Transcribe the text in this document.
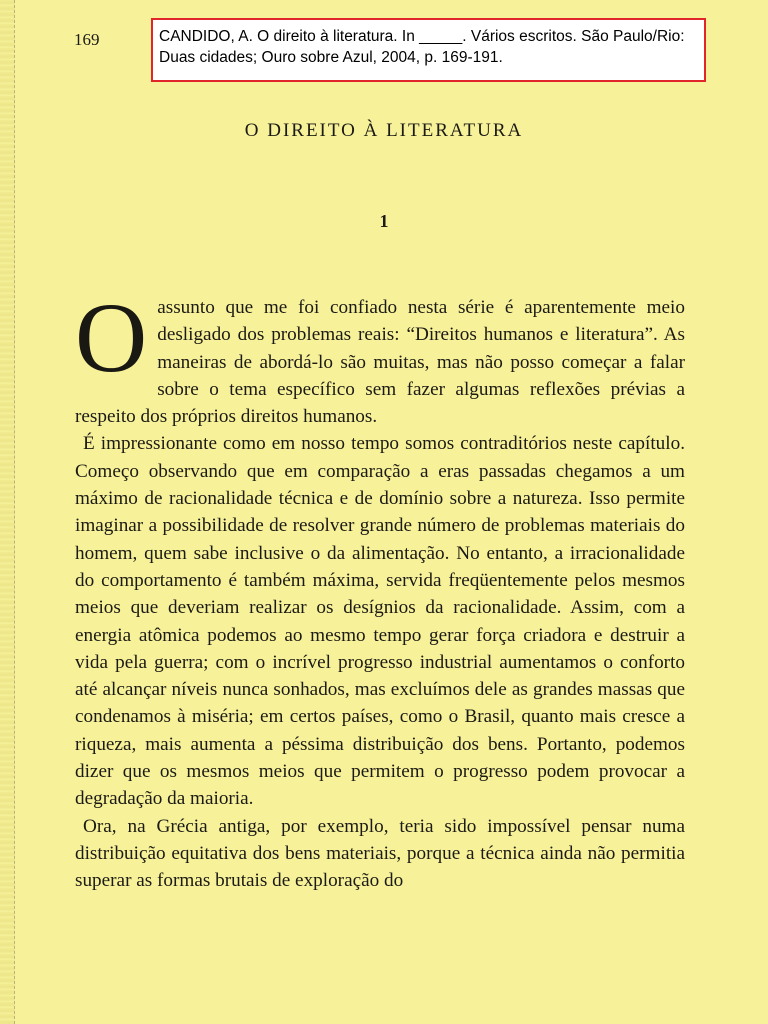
169	CANDIDO, A. O direito à literatura. In _____. Vários escritos. São Paulo/Rio: Duas cidades; Ouro sobre Azul, 2004, p. 169-191.
O DIREITO À LITERATURA
1

O assunto que me foi confiado nesta série é aparentemente meio desligado dos problemas reais: “Direitos humanos e literatura”. As maneiras de abordá-lo são muitas, mas não posso começar a falar sobre o tema específico sem fazer algumas reflexões prévias a respeito dos próprios direitos humanos.

É impressionante como em nosso tempo somos contraditórios neste capítulo. Começo observando que em comparação a eras passadas chegamos a um máximo de racionalidade técnica e de domínio sobre a natureza. Isso permite imaginar a possibilidade de resolver grande número de problemas materiais do homem, quem sabe inclusive o da alimentação. No entanto, a irracionalidade do comportamento é também máxima, servida freqüentemente pelos mesmos meios que deveriam realizar os desígnios da racionalidade. Assim, com a energia atômica podemos ao mesmo tempo gerar força criadora e destruir a vida pela guerra; com o incrível progresso industrial aumentamos o conforto até alcançar níveis nunca sonhados, mas excluímos dele as grandes massas que condenamos à miséria; em certos países, como o Brasil, quanto mais cresce a riqueza, mais aumenta a péssima distribuição dos bens. Portanto, podemos dizer que os mesmos meios que permitem o progresso podem provocar a degradação da maioria.

Ora, na Grécia antiga, por exemplo, teria sido impossível pensar numa distribuição equitativa dos bens materiais, porque a técnica ainda não permitia superar as formas brutais de exploração do
